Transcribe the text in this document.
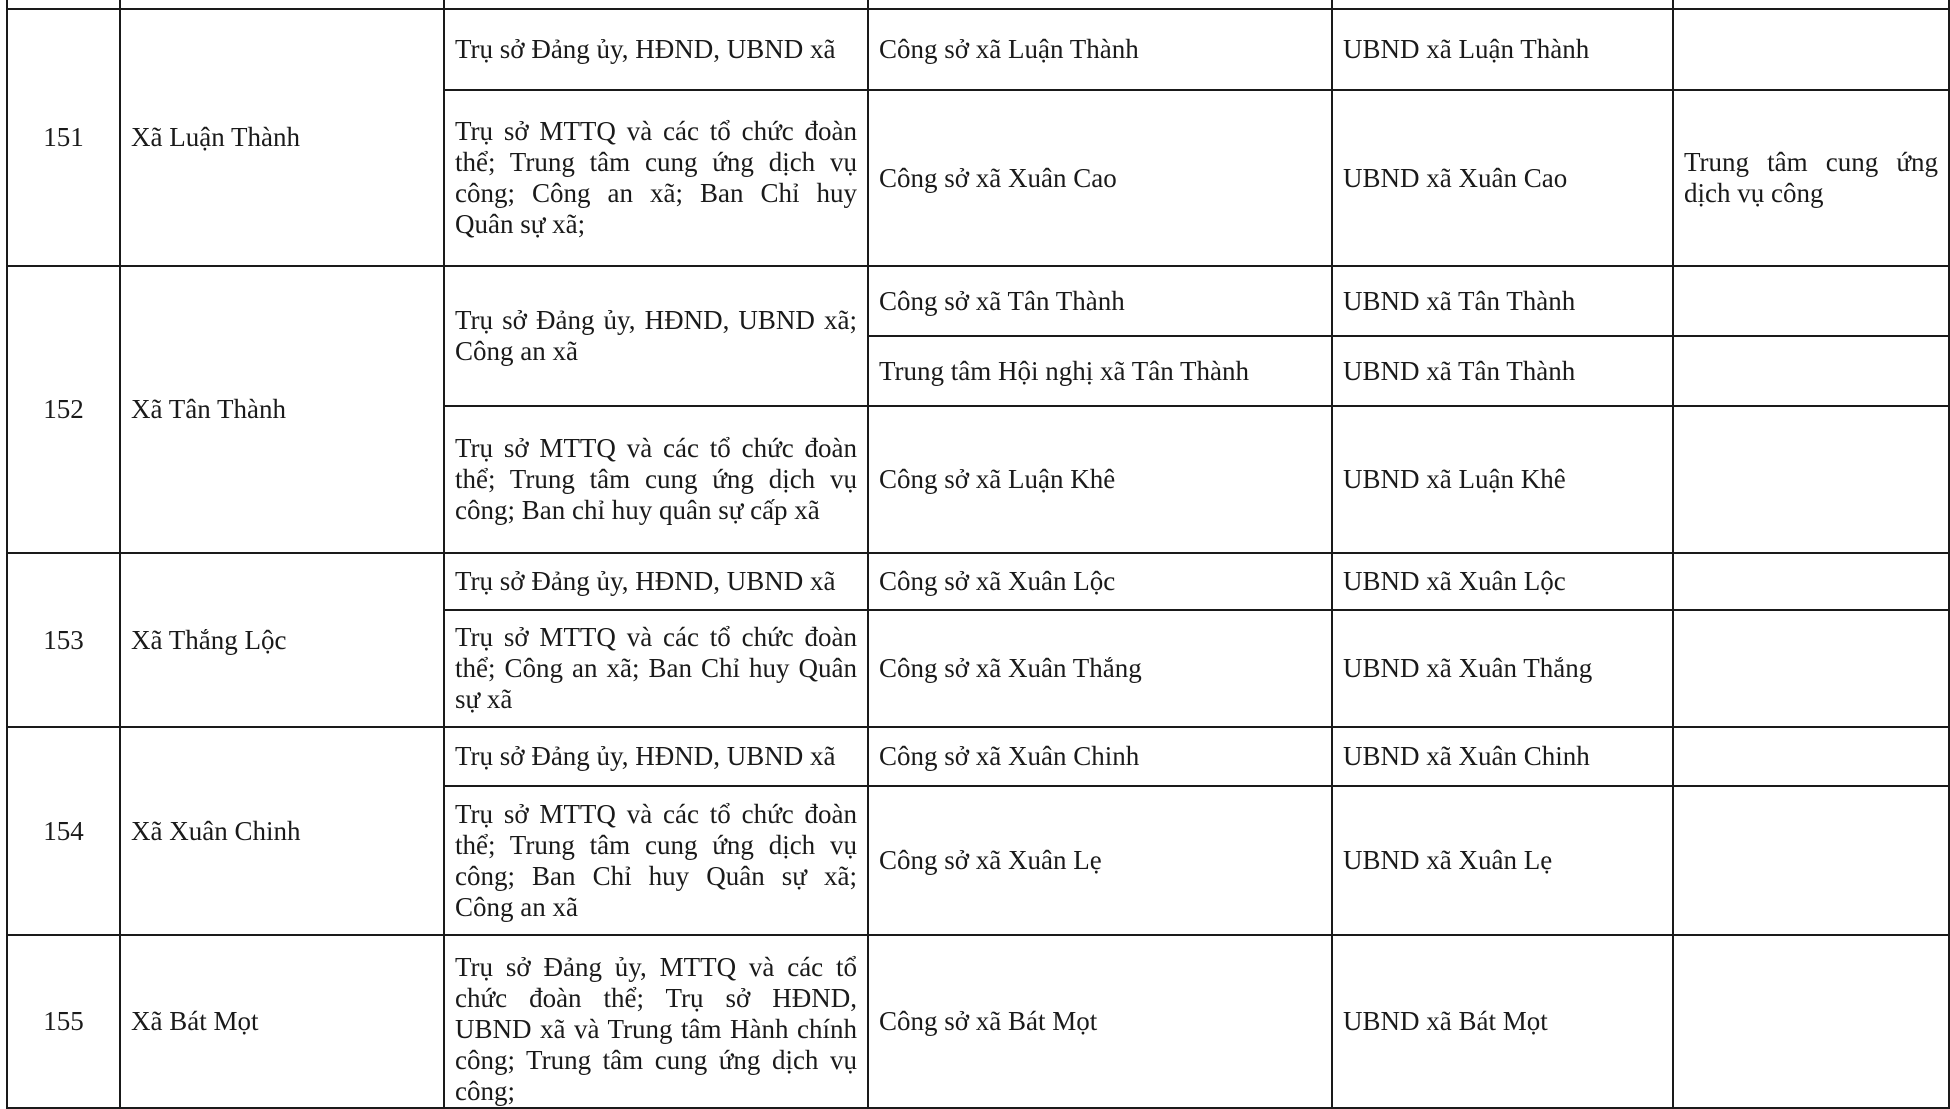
151	Xã Luận Thành	Trụ sở Đảng ủy, HĐND, UBND xã	Công sở xã Luận Thành	UBND xã Luận Thành	
		Trụ sở MTTQ và các tổ chức đoàn thể; Trung tâm cung ứng dịch vụ công; Công an xã; Ban Chỉ huy Quân sự xã;	Công sở xã Xuân Cao	UBND xã Xuân Cao	Trung tâm cung ứng dịch vụ công
152	Xã Tân Thành	Trụ sở Đảng ủy, HĐND, UBND xã; Công an xã	Công sở xã Tân Thành	UBND xã Tân Thành	
			Trung tâm Hội nghị xã Tân Thành	UBND xã Tân Thành	
		Trụ sở MTTQ và các tổ chức đoàn thể; Trung tâm cung ứng dịch vụ công; Ban chỉ huy quân sự cấp xã	Công sở xã Luận Khê	UBND xã Luận Khê	
153	Xã Thắng Lộc	Trụ sở Đảng ủy, HĐND, UBND xã	Công sở xã Xuân Lộc	UBND xã Xuân Lộc	
		Trụ sở MTTQ và các tổ chức đoàn thể; Công an xã; Ban Chỉ huy Quân sự xã	Công sở xã Xuân Thắng	UBND xã Xuân Thắng	
154	Xã Xuân Chinh	Trụ sở Đảng ủy, HĐND, UBND xã	Công sở xã Xuân Chinh	UBND xã Xuân Chinh	
		Trụ sở MTTQ và các tổ chức đoàn thể; Trung tâm cung ứng dịch vụ công; Ban Chỉ huy Quân sự xã; Công an xã	Công sở xã Xuân Lẹ	UBND xã Xuân Lẹ	
155	Xã Bát Mọt	Trụ sở Đảng ủy, MTTQ và các tổ chức đoàn thể; Trụ sở HĐND, UBND xã và Trung tâm Hành chính công; Trung tâm cung ứng dịch vụ công;	Công sở xã Bát Mọt	UBND xã Bát Mọt	
